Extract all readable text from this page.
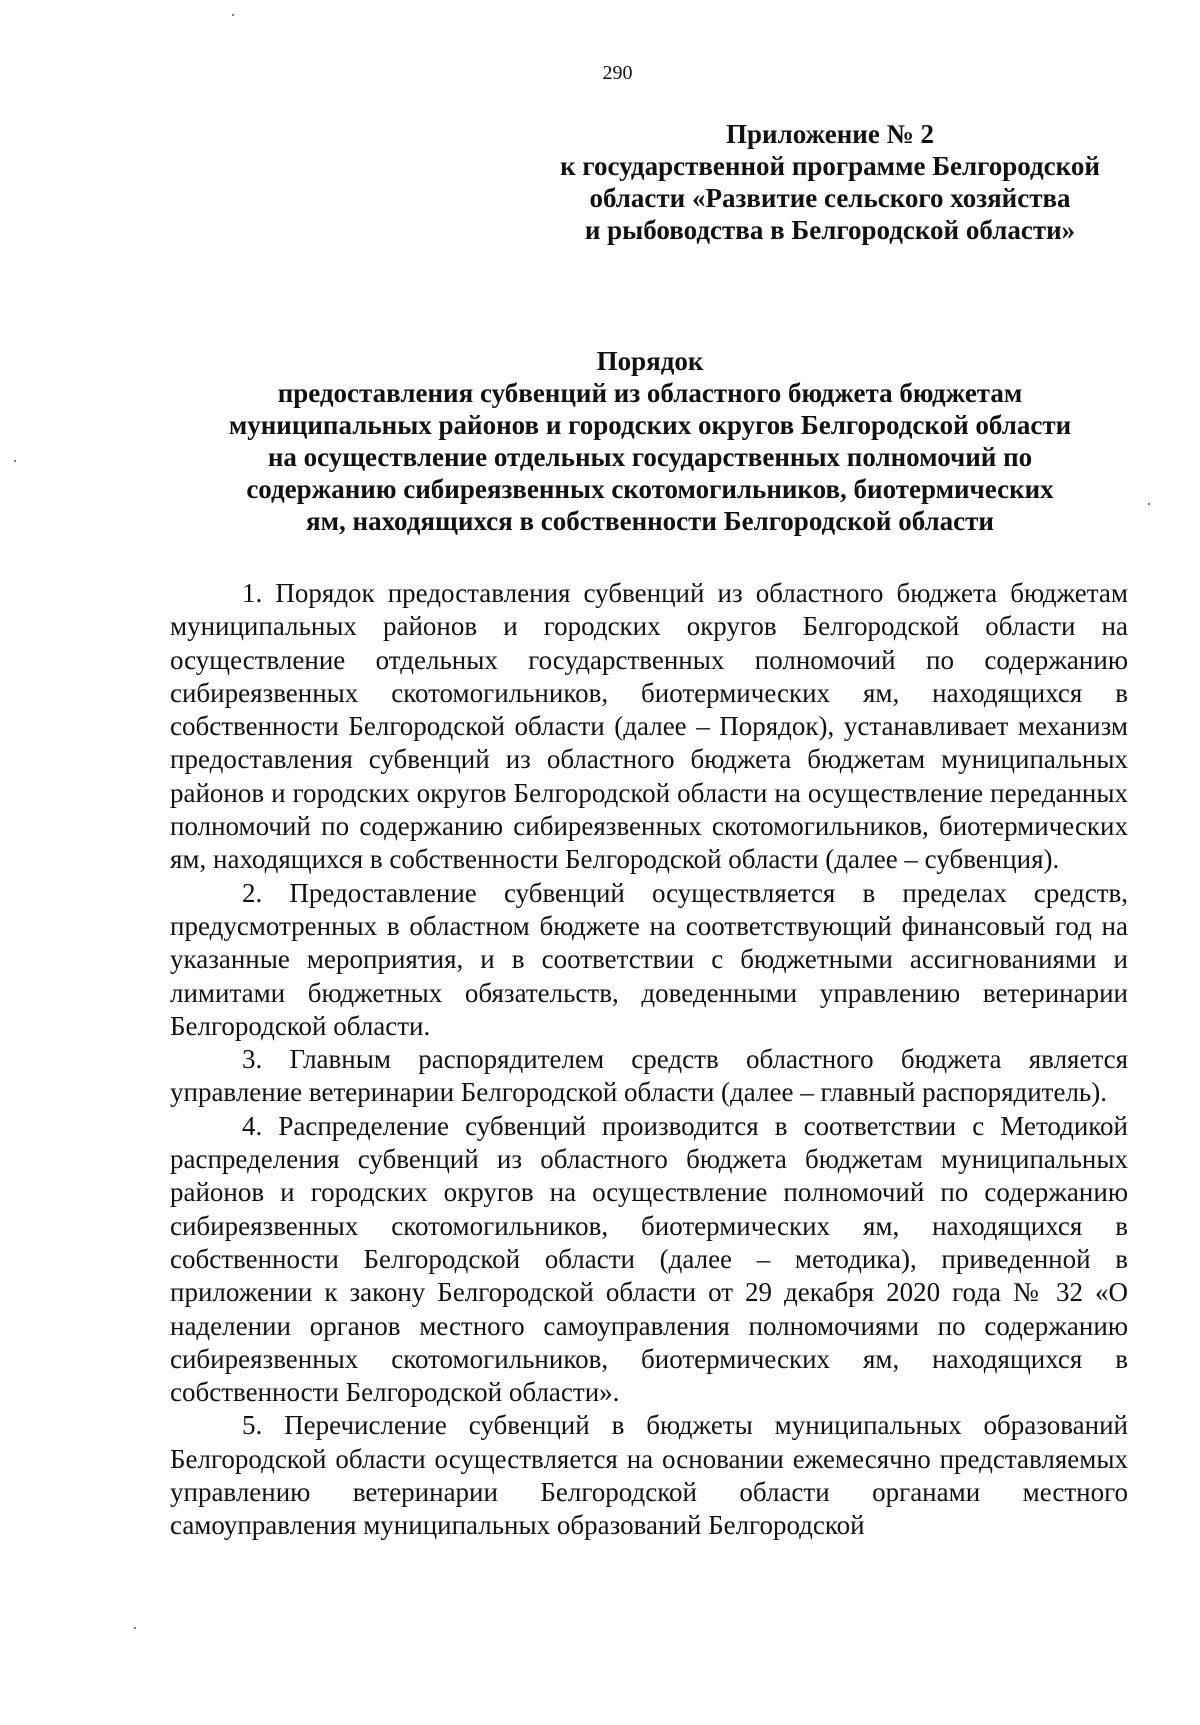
290
Приложение № 2
к государственной программе Белгородской
области «Развитие сельского хозяйства
и рыбоводства в Белгородской области»
Порядок
предоставления субвенций из областного бюджета бюджетам
муниципальных районов и городских округов Белгородской области
на осуществление отдельных государственных полномочий по
содержанию сибиреязвенных скотомогильников, биотермических
ям, находящихся в собственности Белгородской области

1. Порядок предоставления субвенций из областного бюджета бюджетам муниципальных районов и городских округов Белгородской области на осуществление отдельных государственных полномочий по содержанию сибиреязвенных скотомогильников, биотермических ям, находящихся в собственности Белгородской области (далее – Порядок), устанавливает механизм предоставления субвенций из областного бюджета бюджетам муниципальных районов и городских округов Белгородской области на осуществление переданных полномочий по содержанию сибиреязвенных скотомогильников, биотермических ям, находящихся в собственности Белгородской области (далее – субвенция).

2. Предоставление субвенций осуществляется в пределах средств, предусмотренных в областном бюджете на соответствующий финансовый год на указанные мероприятия, и в соответствии с бюджетными ассигнованиями и лимитами бюджетных обязательств, доведенными управлению ветеринарии Белгородской области.

3. Главным распорядителем средств областного бюджета является управление ветеринарии Белгородской области (далее – главный распорядитель).

4. Распределение субвенций производится в соответствии с Методикой распределения субвенций из областного бюджета бюджетам муниципальных районов и городских округов на осуществление полномочий по содержанию сибиреязвенных скотомогильников, биотермических ям, находящихся в собственности Белгородской области (далее – методика), приведенной в приложении к закону Белгородской области от 29 декабря 2020 года № 32 «О наделении органов местного самоуправления полномочиями по содержанию сибиреязвенных скотомогильников, биотермических ям, находящихся в собственности Белгородской области».

5. Перечисление субвенций в бюджеты муниципальных образований Белгородской области осуществляется на основании ежемесячно представляемых управлению ветеринарии Белгородской области органами местного самоуправления муниципальных образований Белгородской
